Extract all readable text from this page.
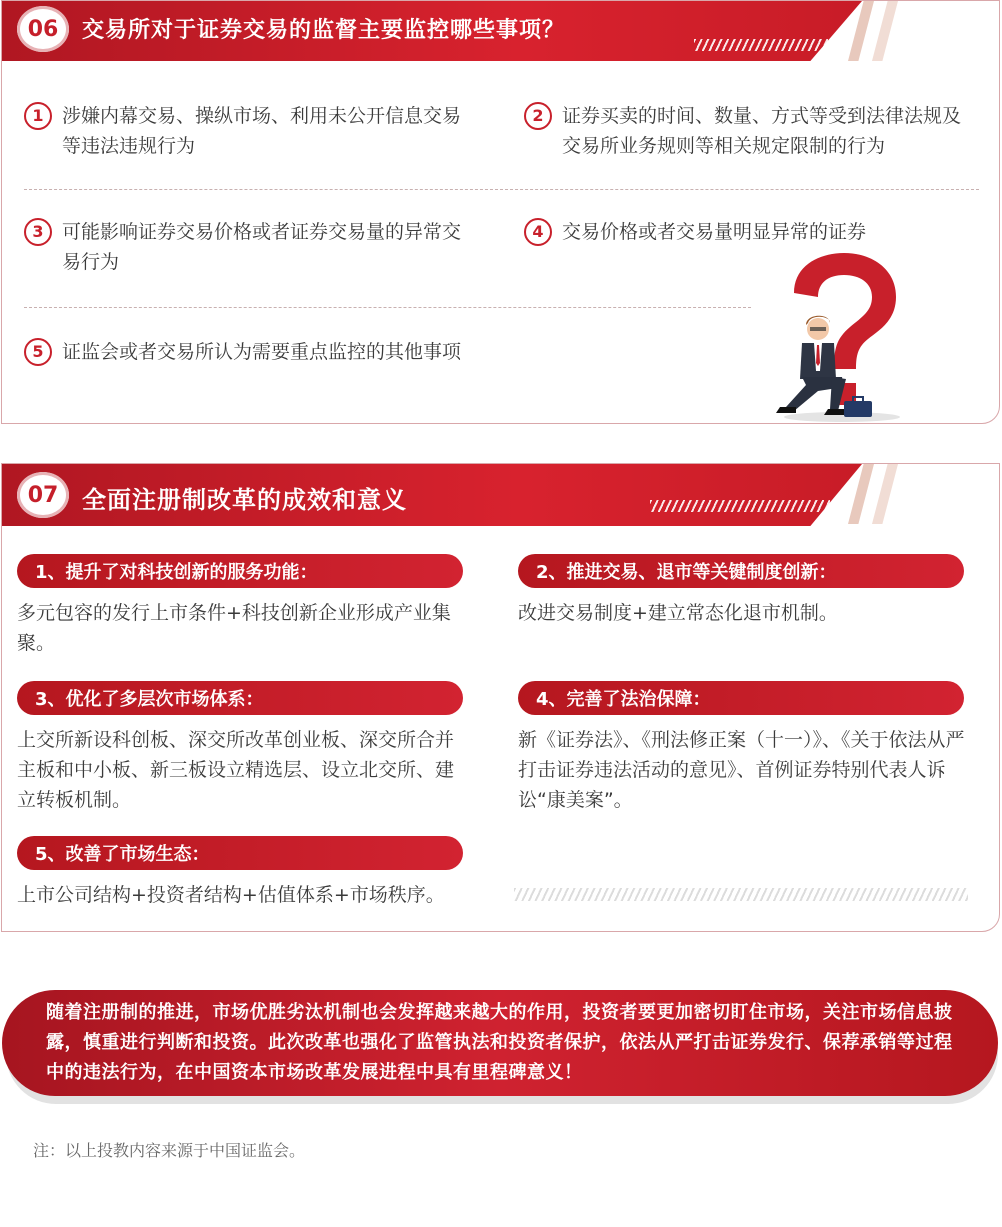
06	交易所对于证券交易的监督主要监控哪些事项？
1 涉嫌内幕交易、操纵市场、利用未公开信息交易等违法违规行为
2 证券买卖的时间、数量、方式等受到法律法规及交易所业务规则等相关规定限制的行为
3 可能影响证券交易价格或者证券交易量的异常交易行为
4 交易价格或者交易量明显异常的证券
5 证监会或者交易所认为需要重点监控的其他事项
07 全面注册制改革的成效和意义
1、提升了对科技创新的服务功能：
多元包容的发行上市条件+科技创新企业形成产业集聚。
2、推进交易、退市等关键制度创新：
改进交易制度+建立常态化退市机制。
3、优化了多层次市场体系：
上交所新设科创板、深交所改革创业板、深交所合并主板和中小板、新三板设立精选层、设立北交所、建立转板机制。
4、完善了法治保障：
新《证券法》、《刑法修正案（十一）》、《关于依法从严打击证券违法活动的意见》、首例证券特别代表人诉讼“康美案”。
5、改善了市场生态：
上市公司结构+投资者结构+估值体系+市场秩序。
随着注册制的推进，市场优胜劣汰机制也会发挥越来越大的作用，投资者要更加密切盯住市场，关注市场信息披露，慎重进行判断和投资。此次改革也强化了监管执法和投资者保护，依法从严打击证券发行、保荐承销等过程中的违法行为，在中国资本市场改革发展进程中具有里程碑意义！
注：以上投教内容来源于中国证监会。
